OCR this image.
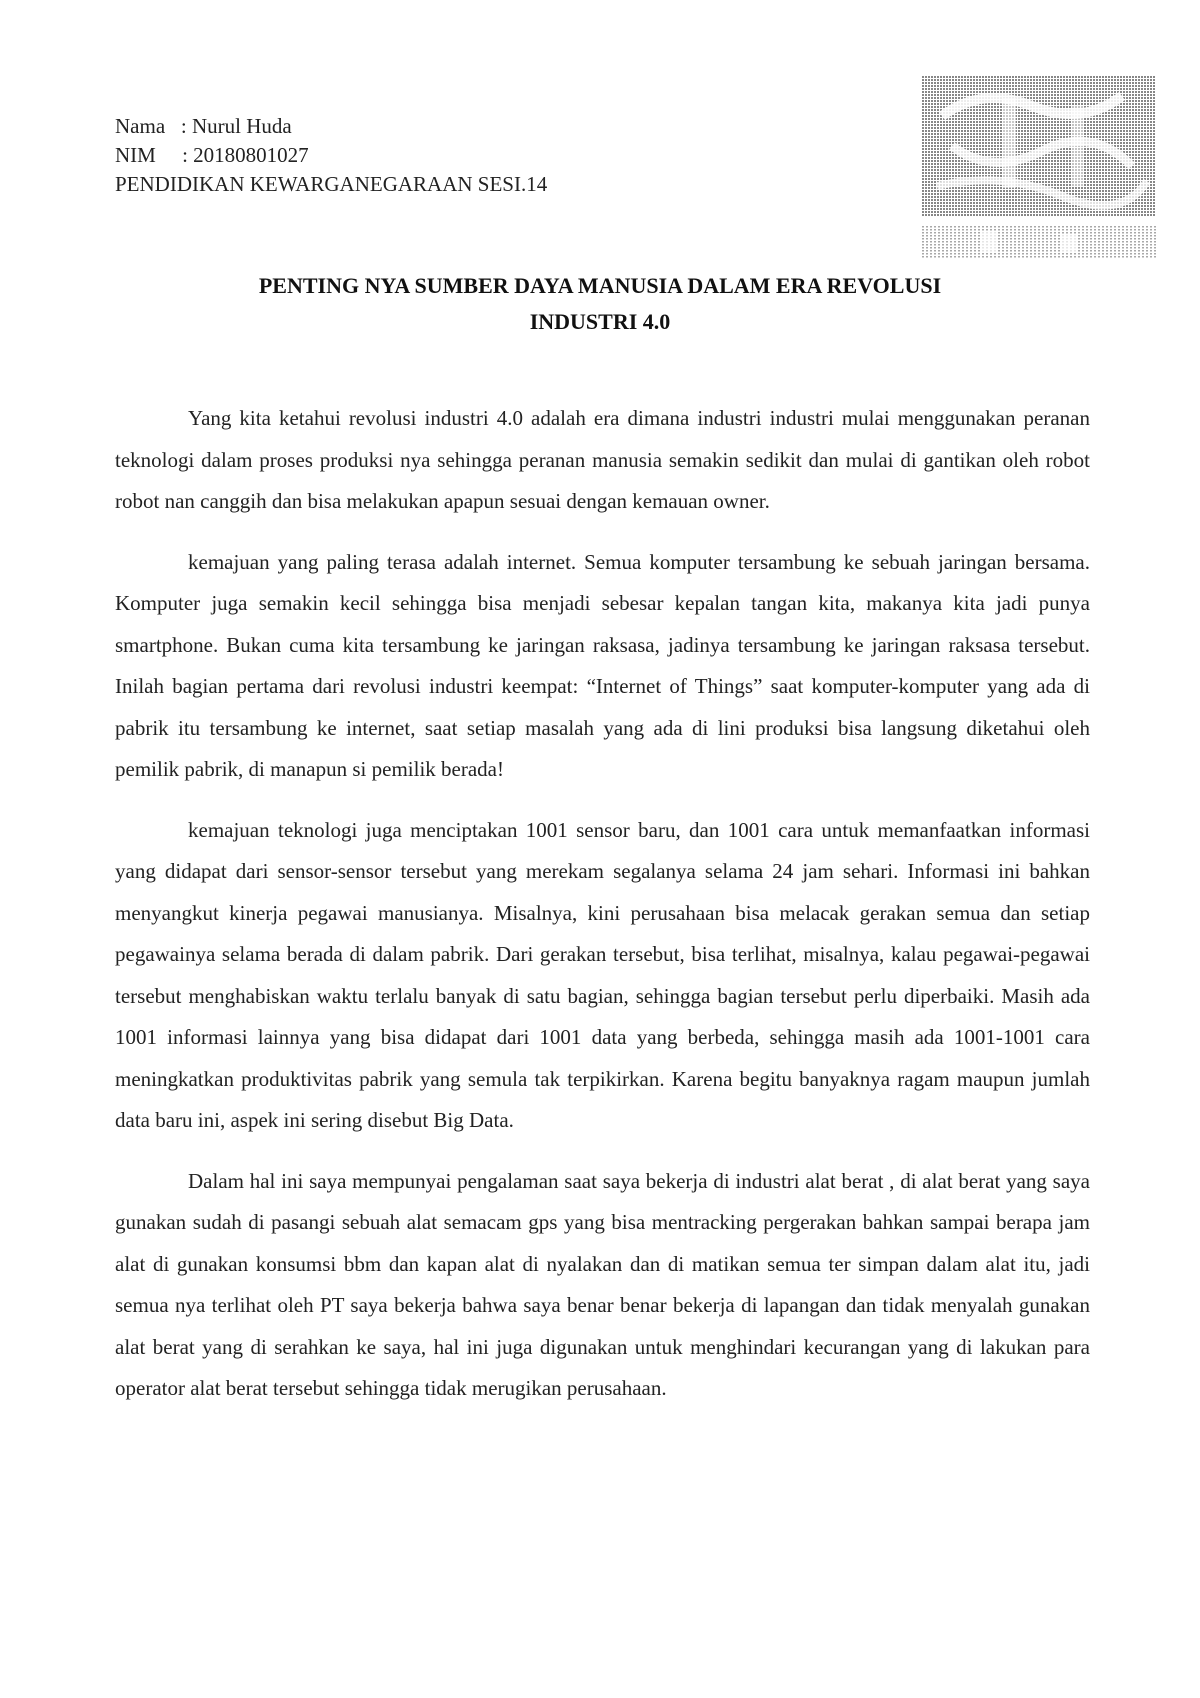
Nama   : Nurul Huda
NIM     : 20180801027
PENDIDIKAN KEWARGANEGARAAN SESI.14
PENTING NYA SUMBER DAYA MANUSIA DALAM ERA REVOLUSI
INDUSTRI 4.0

Yang kita ketahui revolusi industri 4.0 adalah era dimana industri industri mulai menggunakan peranan teknologi dalam proses produksi nya sehingga peranan manusia semakin sedikit dan mulai di gantikan oleh robot robot nan canggih dan bisa melakukan apapun sesuai dengan kemauan owner.

kemajuan yang paling terasa adalah internet. Semua komputer tersambung ke sebuah jaringan bersama. Komputer juga semakin kecil sehingga bisa menjadi sebesar kepalan tangan kita, makanya kita jadi punya smartphone. Bukan cuma kita tersambung ke jaringan raksasa, jadinya tersambung ke jaringan raksasa tersebut. Inilah bagian pertama dari revolusi industri keempat: “Internet of Things” saat komputer-komputer yang ada di pabrik itu tersambung ke internet, saat setiap masalah yang ada di lini produksi bisa langsung diketahui oleh pemilik pabrik, di manapun si pemilik berada!

kemajuan teknologi juga menciptakan 1001 sensor baru, dan 1001 cara untuk memanfaatkan informasi yang didapat dari sensor-sensor tersebut yang merekam segalanya selama 24 jam sehari. Informasi ini bahkan menyangkut kinerja pegawai manusianya. Misalnya, kini perusahaan bisa melacak gerakan semua dan setiap pegawainya selama berada di dalam pabrik. Dari gerakan tersebut, bisa terlihat, misalnya, kalau pegawai-pegawai tersebut menghabiskan waktu terlalu banyak di satu bagian, sehingga bagian tersebut perlu diperbaiki. Masih ada 1001 informasi lainnya yang bisa didapat dari 1001 data yang berbeda, sehingga masih ada 1001-1001 cara meningkatkan produktivitas pabrik yang semula tak terpikirkan. Karena begitu banyaknya ragam maupun jumlah data baru ini, aspek ini sering disebut Big Data.

Dalam hal ini saya mempunyai pengalaman saat saya bekerja di industri alat berat , di alat berat yang saya gunakan sudah di pasangi sebuah alat semacam gps yang bisa mentracking pergerakan bahkan sampai berapa jam alat di gunakan konsumsi bbm dan kapan alat di nyalakan dan di matikan semua ter simpan dalam alat itu, jadi semua nya terlihat oleh PT saya bekerja bahwa saya benar benar bekerja di lapangan dan tidak menyalah gunakan alat berat yang di serahkan ke saya, hal ini juga digunakan untuk menghindari kecurangan yang di lakukan para operator alat berat tersebut sehingga tidak merugikan perusahaan.
